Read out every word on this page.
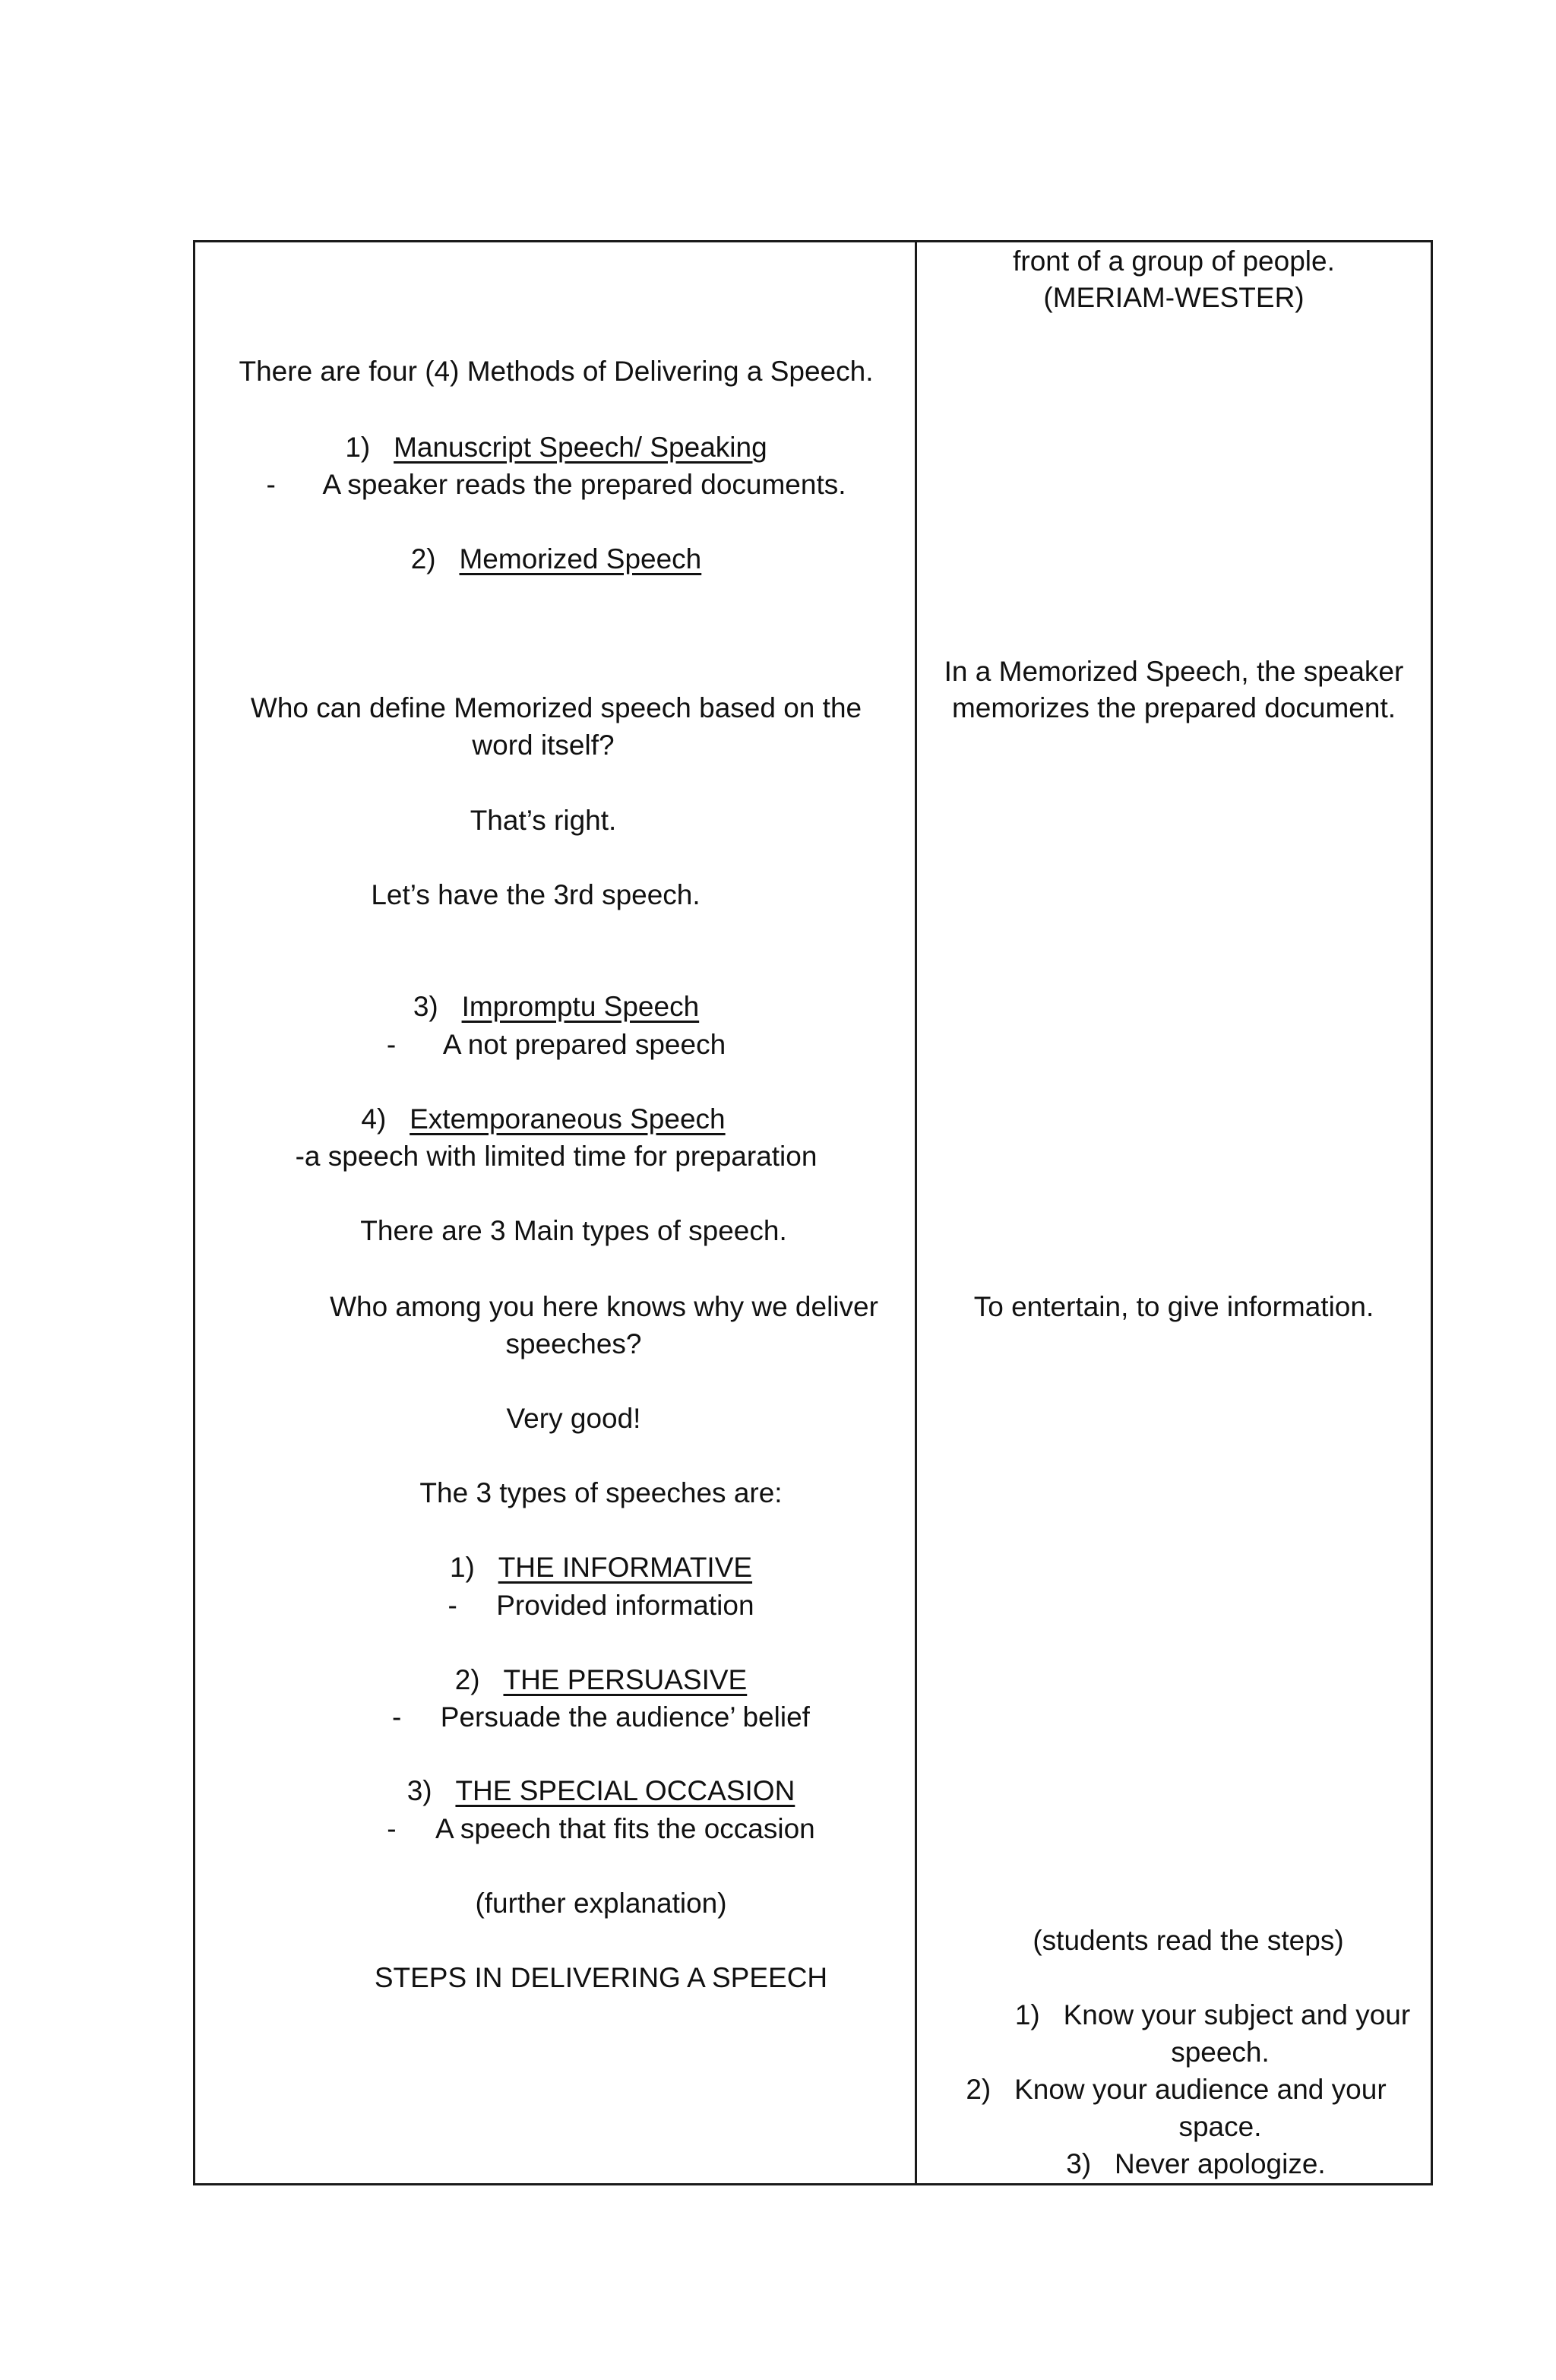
There are four (4) Methods of Delivering a Speech.
1) Manuscript Speech/ Speaking
- A speaker reads the prepared documents.
2) Memorized Speech
Who can define Memorized speech based on the
word itself?
That’s right.
Let’s have the 3rd speech.
3) Impromptu Speech
- A not prepared speech
4) Extemporaneous Speech
-a speech with limited time for preparation
There are 3 Main types of speech.
Who among you here knows why we deliver
speeches?
Very good!
The 3 types of speeches are:
1) THE INFORMATIVE
- Provided information
2) THE PERSUASIVE
- Persuade the audience’ belief
3) THE SPECIAL OCCASION
- A speech that fits the occasion
(further explanation)
STEPS IN DELIVERING A SPEECH
front of a group of people.
(MERIAM-WESTER)
In a Memorized Speech, the speaker
memorizes the prepared document.
To entertain, to give information.
(students read the steps)
1) Know your subject and your
speech.
2) Know your audience and your
space.
3) Never apologize.
